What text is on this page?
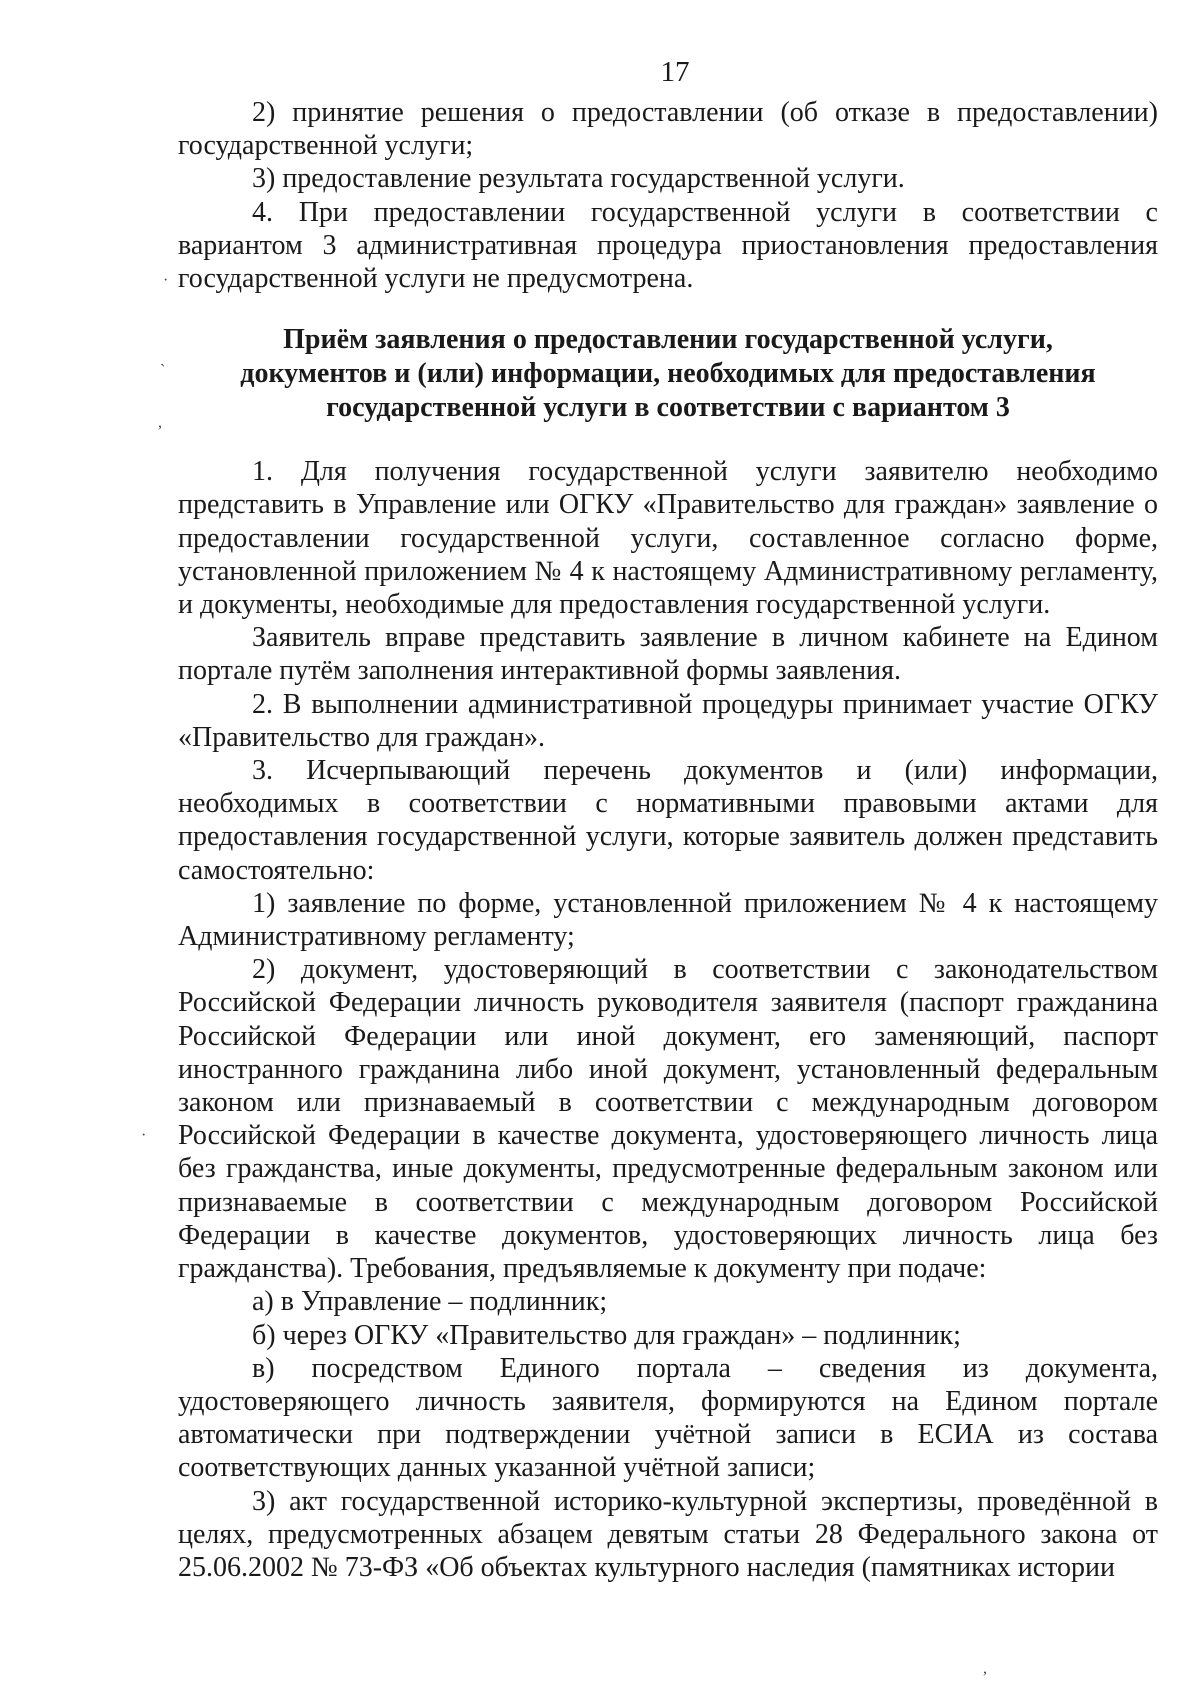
17

2) принятие решения о предоставлении (об отказе в предоставлении) государственной услуги;

3) предоставление результата государственной услуги.

4. При предоставлении государственной услуги в соответствии с вариантом 3 административная процедура приостановления предоставления государственной услуги не предусмотрена.

Приём заявления о предоставлении государственной услуги, документов и (или) информации, необходимых для предоставления государственной услуги в соответствии с вариантом 3

1. Для получения государственной услуги заявителю необходимо представить в Управление или ОГКУ «Правительство для граждан» заявление о предоставлении государственной услуги, составленное согласно форме, установленной приложением № 4 к настоящему Административному регламенту, и документы, необходимые для предоставления государственной услуги.

Заявитель вправе представить заявление в личном кабинете на Едином портале путём заполнения интерактивной формы заявления.

2. В выполнении административной процедуры принимает участие ОГКУ «Правительство для граждан».

3. Исчерпывающий перечень документов и (или) информации, необходимых в соответствии с нормативными правовыми актами для предоставления государственной услуги, которые заявитель должен представить самостоятельно:

1) заявление по форме, установленной приложением № 4 к настоящему Административному регламенту;

2) документ, удостоверяющий в соответствии с законодательством Российской Федерации личность руководителя заявителя (паспорт гражданина Российской Федерации или иной документ, его заменяющий, паспорт иностранного гражданина либо иной документ, установленный федеральным законом или признаваемый в соответствии с международным договором Российской Федерации в качестве документа, удостоверяющего личность лица без гражданства, иные документы, предусмотренные федеральным законом или признаваемые в соответствии с международным договором Российской Федерации в качестве документов, удостоверяющих личность лица без гражданства). Требования, предъявляемые к документу при подаче:

а) в Управление – подлинник;

б) через ОГКУ «Правительство для граждан» – подлинник;

в) посредством Единого портала – сведения из документа, удостоверяющего личность заявителя, формируются на Едином портале автоматически при подтверждении учётной записи в ЕСИА из состава соответствующих данных указанной учётной записи;

3) акт государственной историко-культурной экспертизы, проведённой в целях, предусмотренных абзацем девятым статьи 28 Федерального закона от 25.06.2002 № 73-ФЗ «Об объектах культурного наследия (памятниках истории

·
`
,
·
,
